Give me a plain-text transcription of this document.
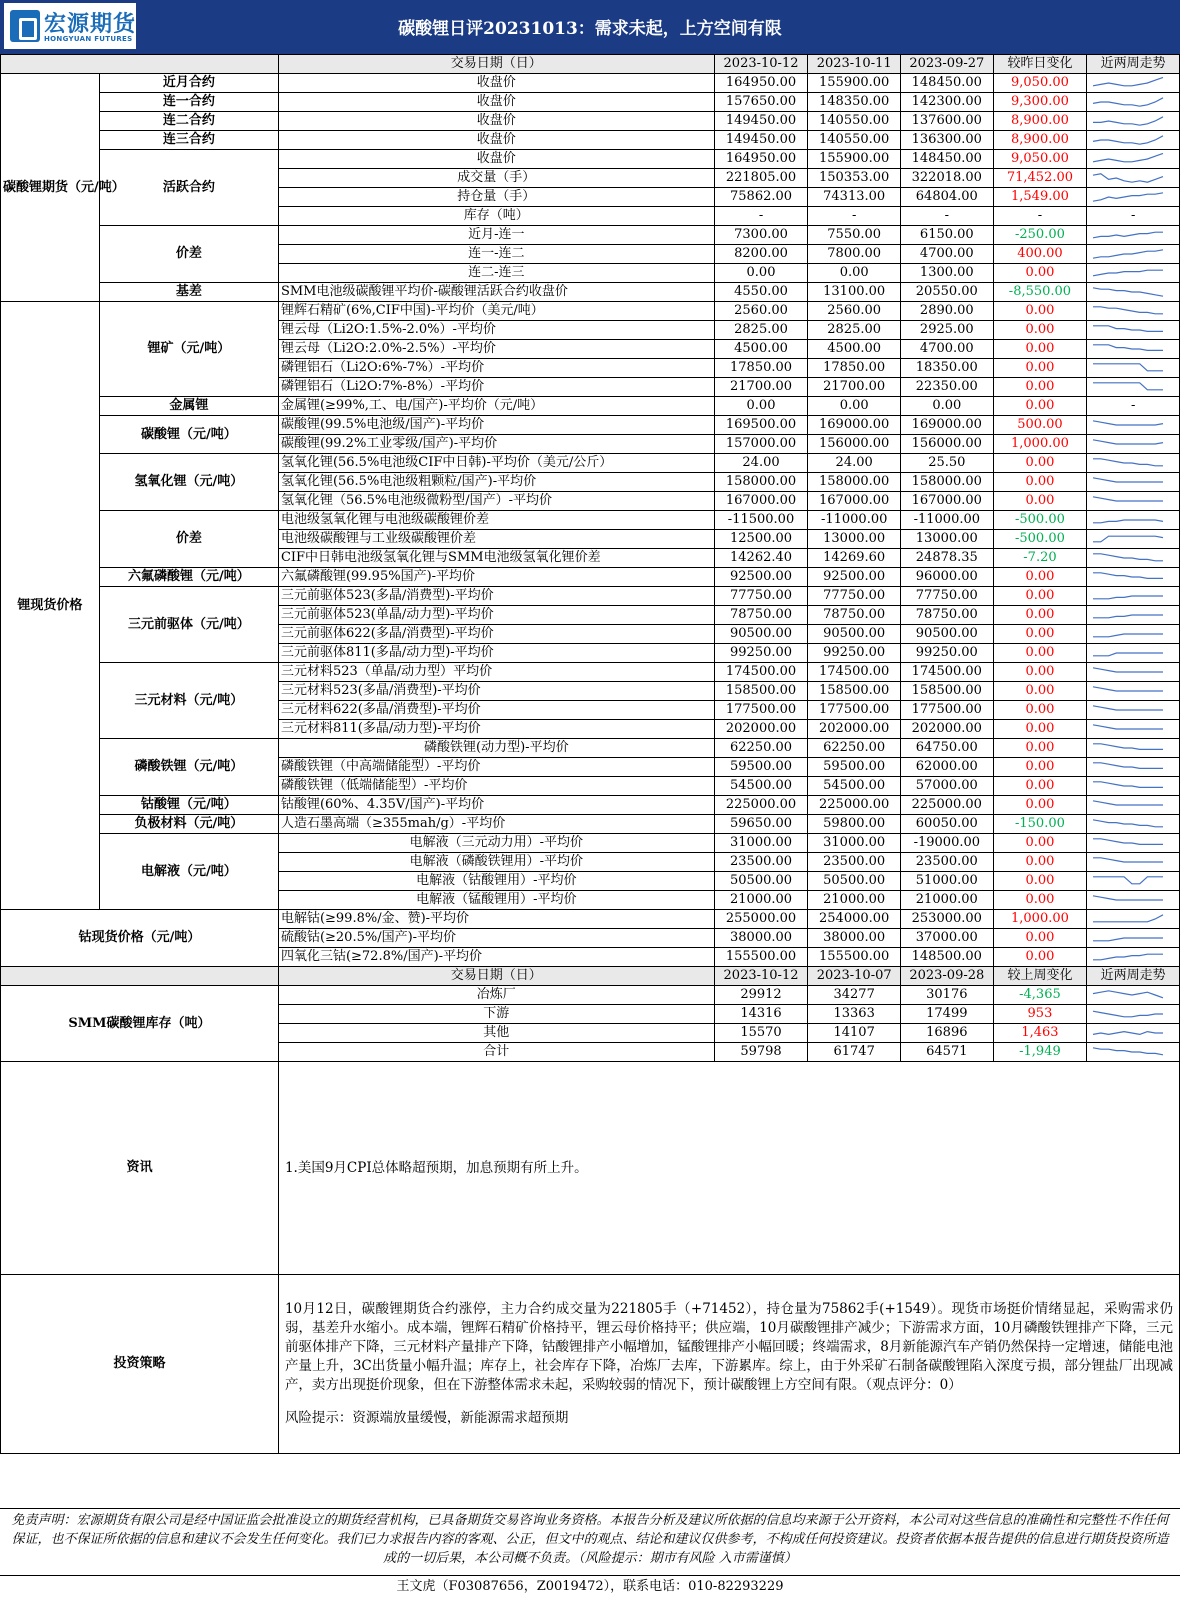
宏源期货
HONGYUAN FUTURES	碳酸锂日评20231013：需求未起，上方空间有限
		交易日期（日）	2023-10-12	2023-10-11	2023-09-27	较昨日变化	近两周走势
碳酸锂期货（元/吨）	近月合约	收盘价	164950.00	155900.00	148450.00	9,050.00	

	连一合约	收盘价	157650.00	148350.00	142300.00	9,300.00	

	连二合约	收盘价	149450.00	140550.00	137600.00	8,900.00	

	连三合约	收盘价	149450.00	140550.00	136300.00	8,900.00	

	活跃合约	收盘价	164950.00	155900.00	148450.00	9,050.00	

		成交量（手）	221805.00	150353.00	322018.00	71,452.00	

		持仓量（手）	75862.00	74313.00	64804.00	1,549.00	

		库存（吨）	-	-	-	-	-
	价差	近月-连一	7300.00	7550.00	6150.00	-250.00	

		连一-连二	8200.00	7800.00	4700.00	400.00	

		连二-连三	0.00	0.00	1300.00	0.00	

	基差	SMM电池级碳酸锂平均价-碳酸锂活跃合约收盘价	4550.00	13100.00	20550.00	-8,550.00	

锂现货价格	锂矿（元/吨）	锂辉石精矿(6%,CIF中国)-平均价（美元/吨）	2560.00	2560.00	2890.00	0.00	

		锂云母（Li2O:1.5%-2.0%）-平均价	2825.00	2825.00	2925.00	0.00	

		锂云母（Li2O:2.0%-2.5%）-平均价	4500.00	4500.00	4700.00	0.00	

		磷锂铝石（Li2O:6%-7%）-平均价	17850.00	17850.00	18350.00	0.00	

		磷锂铝石（Li2O:7%-8%）-平均价	21700.00	21700.00	22350.00	0.00	

	金属锂	金属锂(≥99%,工、电/国产)-平均价（元/吨）	0.00	0.00	0.00	0.00	-
	碳酸锂（元/吨）	碳酸锂(99.5%电池级/国产)-平均价	169500.00	169000.00	169000.00	500.00	

		碳酸锂(99.2%工业零级/国产)-平均价	157000.00	156000.00	156000.00	1,000.00	

	氢氧化锂（元/吨）	氢氧化锂(56.5%电池级CIF中日韩)-平均价（美元/公斤）	24.00	24.00	25.50	0.00	

		氢氧化锂(56.5%电池级粗颗粒/国产)-平均价	158000.00	158000.00	158000.00	0.00	

		氢氧化锂（56.5%电池级微粉型/国产）-平均价	167000.00	167000.00	167000.00	0.00	

	价差	电池级氢氧化锂与电池级碳酸锂价差	-11500.00	-11000.00	-11000.00	-500.00	

		电池级碳酸锂与工业级碳酸锂价差	12500.00	13000.00	13000.00	-500.00	

		CIF中日韩电池级氢氧化锂与SMM电池级氢氧化锂价差	14262.40	14269.60	24878.35	-7.20	

	六氟磷酸锂（元/吨）	六氟磷酸锂(99.95%国产)-平均价	92500.00	92500.00	96000.00	0.00	

	三元前驱体（元/吨）	三元前驱体523(多晶/消费型)-平均价	77750.00	77750.00	77750.00	0.00	

		三元前驱体523(单晶/动力型)-平均价	78750.00	78750.00	78750.00	0.00	

		三元前驱体622(多晶/消费型)-平均价	90500.00	90500.00	90500.00	0.00	

		三元前驱体811(多晶/动力型)-平均价	99250.00	99250.00	99250.00	0.00	

	三元材料（元/吨）	三元材料523（单晶/动力型）平均价	174500.00	174500.00	174500.00	0.00	

		三元材料523(多晶/消费型)-平均价	158500.00	158500.00	158500.00	0.00	

		三元材料622(多晶/消费型)-平均价	177500.00	177500.00	177500.00	0.00	

		三元材料811(多晶/动力型)-平均价	202000.00	202000.00	202000.00	0.00	

	磷酸铁锂（元/吨）	磷酸铁锂(动力型)-平均价	62250.00	62250.00	64750.00	0.00	

		磷酸铁锂（中高端储能型）-平均价	59500.00	59500.00	62000.00	0.00	

		磷酸铁锂（低端储能型）-平均价	54500.00	54500.00	57000.00	0.00	

	钴酸锂（元/吨）	钴酸锂(60%、4.35V/国产)-平均价	225000.00	225000.00	225000.00	0.00	

	负极材料（元/吨）	人造石墨高端（≥355mah/g）-平均价	59650.00	59800.00	60050.00	-150.00	

	电解液（元/吨）	电解液（三元动力用）-平均价	31000.00	31000.00	-19000.00	0.00	

		电解液（磷酸铁锂用）-平均价	23500.00	23500.00	23500.00	0.00	

		电解液（钴酸锂用）-平均价	50500.00	50500.00	51000.00	0.00	

		电解液（锰酸锂用）-平均价	21000.00	21000.00	21000.00	0.00	

钴现货价格（元/吨）		电解钴(≥99.8%/金、赞)-平均价	255000.00	254000.00	253000.00	1,000.00	

		硫酸钴(≥20.5%/国产)-平均价	38000.00	38000.00	37000.00	0.00	

		四氧化三钴(≥72.8%/国产)-平均价	155500.00	155500.00	148500.00	0.00	

		交易日期（日）	2023-10-12	2023-10-07	2023-09-28	较上周变化	近两周走势
SMM碳酸锂库存（吨）		冶炼厂	29912	34277	30176	-4,365	

		下游	14316	13363	17499	953	

		其他	15570	14107	16896	1,463	

		合计	59798	61747	64571	-1,949	

资讯		1.美国9月CPI总体略超预期，加息预期有所上升。					
投资策略		10月12日，碳酸锂期货合约涨停，主力合约成交量为221805手（+71452），持仓量为75862手(+1549）。现货市场挺价情绪显起，采购需求仍弱，基差升水缩小。成本端，锂辉石精矿价格持平，锂云母价格持平；供应端，10月碳酸锂排产减少；下游需求方面，10月磷酸铁锂排产下降，三元前驱体排产下降，三元材料产量排产下降，钴酸锂排产小幅增加，锰酸锂排产小幅回暖；终端需求，8月新能源汽车产销仍然保持一定增速，储能电池产量上升，3C出货量小幅升温；库存上，社会库存下降，冶炼厂去库，下游累库。综上，由于外采矿石制备碳酸锂陷入深度亏损，部分锂盐厂出现减产，卖方出现挺价现象，但在下游整体需求未起，采购较弱的情况下，预计碳酸锂上方空间有限。（观点评分：0）
风险提示：资源端放量缓慢，新能源需求超预期					
免责声明：宏源期货有限公司是经中国证监会批准设立的期货经营机构，已具备期货交易咨询业务资格。本报告分析及建议所依据的信息均来源于公开资料，本公司对这些信息的准确性和完整性不作任何保证，也不保证所依据的信息和建议不会发生任何变化。我们已力求报告内容的客观、公正，但文中的观点、结论和建议仅供参考，不构成任何投资建议。投资者依据本报告提供的信息进行期货投资所造成的一切后果，本公司概不负责。（风险提示：期市有风险 入市需谨慎）
王文虎（F03087656，Z0019472），联系电话：010-82293229
